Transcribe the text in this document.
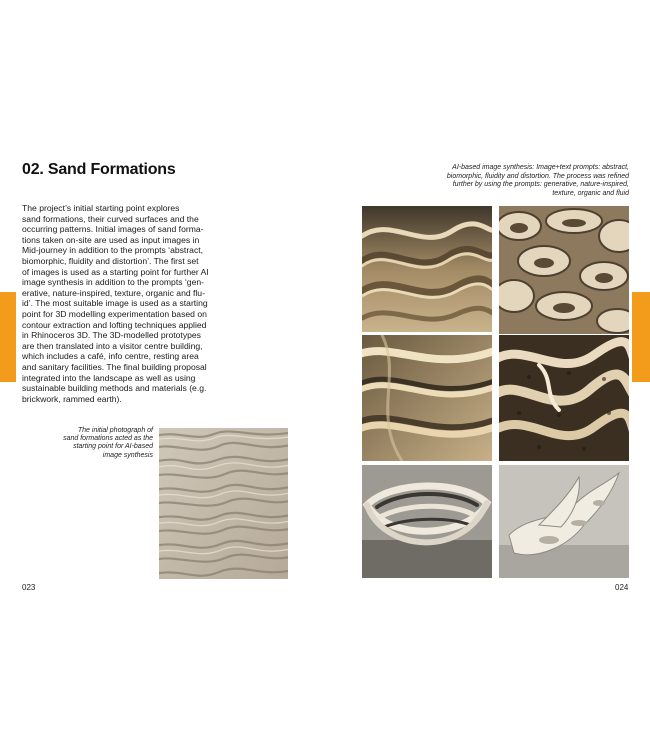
02. Sand Formations

The project’s initial starting point explores
sand formations, their curved surfaces and the
occurring patterns. Initial images of sand forma-
tions taken on-site are used as input images in
Mid-journey in addition to the prompts ‘abstract,
biomorphic, fluidity and distortion’. The first set
of images is used as a starting point for further AI
image synthesis in addition to the prompts ‘gen-
erative, nature-inspired, texture, organic and flu-
id’. The most suitable image is used as a starting
point for 3D modelling experimentation based on
contour extraction and lofting techniques applied
in Rhinoceros 3D. The 3D-modelled prototypes
are then translated into a visitor centre building,
which includes a café, info centre, resting area
and sanitary facilities. The final building proposal
integrated into the landscape as well as using
sustainable building methods and materials (e.g.
brickwork, rammed earth).

The initial photograph of
sand formations acted as the
starting point for AI-based
image synthesis

023

AI-based image synthesis: Image+text prompts: abstract,
biomorphic, fluidity and distortion. The process was refined
further by using the prompts: generative, nature-inspired,
texture, organic and fluid

024
